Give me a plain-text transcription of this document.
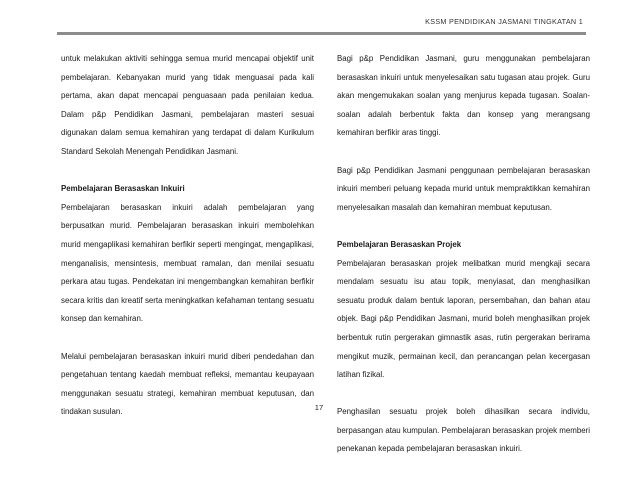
KSSM PENDIDIKAN JASMANI TINGKATAN 1

untuk melakukan aktiviti sehingga semua murid mencapai objektif unit pembelajaran. Kebanyakan murid yang tidak menguasai pada kali pertama, akan dapat mencapai penguasaan pada penilaian kedua. Dalam p&p Pendidikan Jasmani, pembelajaran masteri sesuai digunakan dalam semua kemahiran yang terdapat di dalam Kurikulum Standard Sekolah Menengah Pendidikan Jasmani.

Pembelajaran Berasaskan Inkuiri

Pembelajaran berasaskan inkuiri adalah pembelajaran yang berpusatkan murid. Pembelajaran berasaskan inkuiri membolehkan murid mengaplikasi kemahiran berfikir seperti mengingat, mengaplikasi, menganalisis, mensintesis, membuat ramalan, dan menilai sesuatu perkara atau tugas. Pendekatan ini mengembangkan kemahiran berfikir secara kritis dan kreatif serta meningkatkan kefahaman tentang sesuatu konsep dan kemahiran.

Melalui pembelajaran berasaskan inkuiri murid diberi pendedahan dan pengetahuan tentang kaedah membuat refleksi, memantau keupayaan menggunakan sesuatu strategi, kemahiran membuat keputusan, dan tindakan susulan.

Bagi p&p Pendidikan Jasmani, guru menggunakan pembelajaran berasaskan inkuiri untuk menyelesaikan satu tugasan atau projek. Guru akan mengemukakan soalan yang menjurus kepada tugasan. Soalan-soalan adalah berbentuk fakta dan konsep yang merangsang kemahiran berfikir aras tinggi.

Bagi p&p Pendidikan Jasmani penggunaan pembelajaran berasaskan inkuiri memberi peluang kepada murid untuk mempraktikkan kemahiran menyelesaikan masalah dan kemahiran membuat keputusan.

Pembelajaran Berasaskan Projek

Pembelajaran berasaskan projek melibatkan murid mengkaji secara mendalam sesuatu isu atau topik, menyiasat, dan menghasilkan sesuatu produk dalam bentuk laporan, persembahan, dan bahan atau objek. Bagi p&p Pendidikan Jasmani, murid boleh menghasilkan projek berbentuk rutin pergerakan gimnastik asas, rutin pergerakan berirama mengikut muzik, permainan kecil, dan perancangan pelan kecergasan latihan fizikal.

Penghasilan sesuatu projek boleh dihasilkan secara individu, berpasangan atau kumpulan. Pembelajaran berasaskan projek memberi penekanan kepada pembelajaran berasaskan inkuiri.

17
